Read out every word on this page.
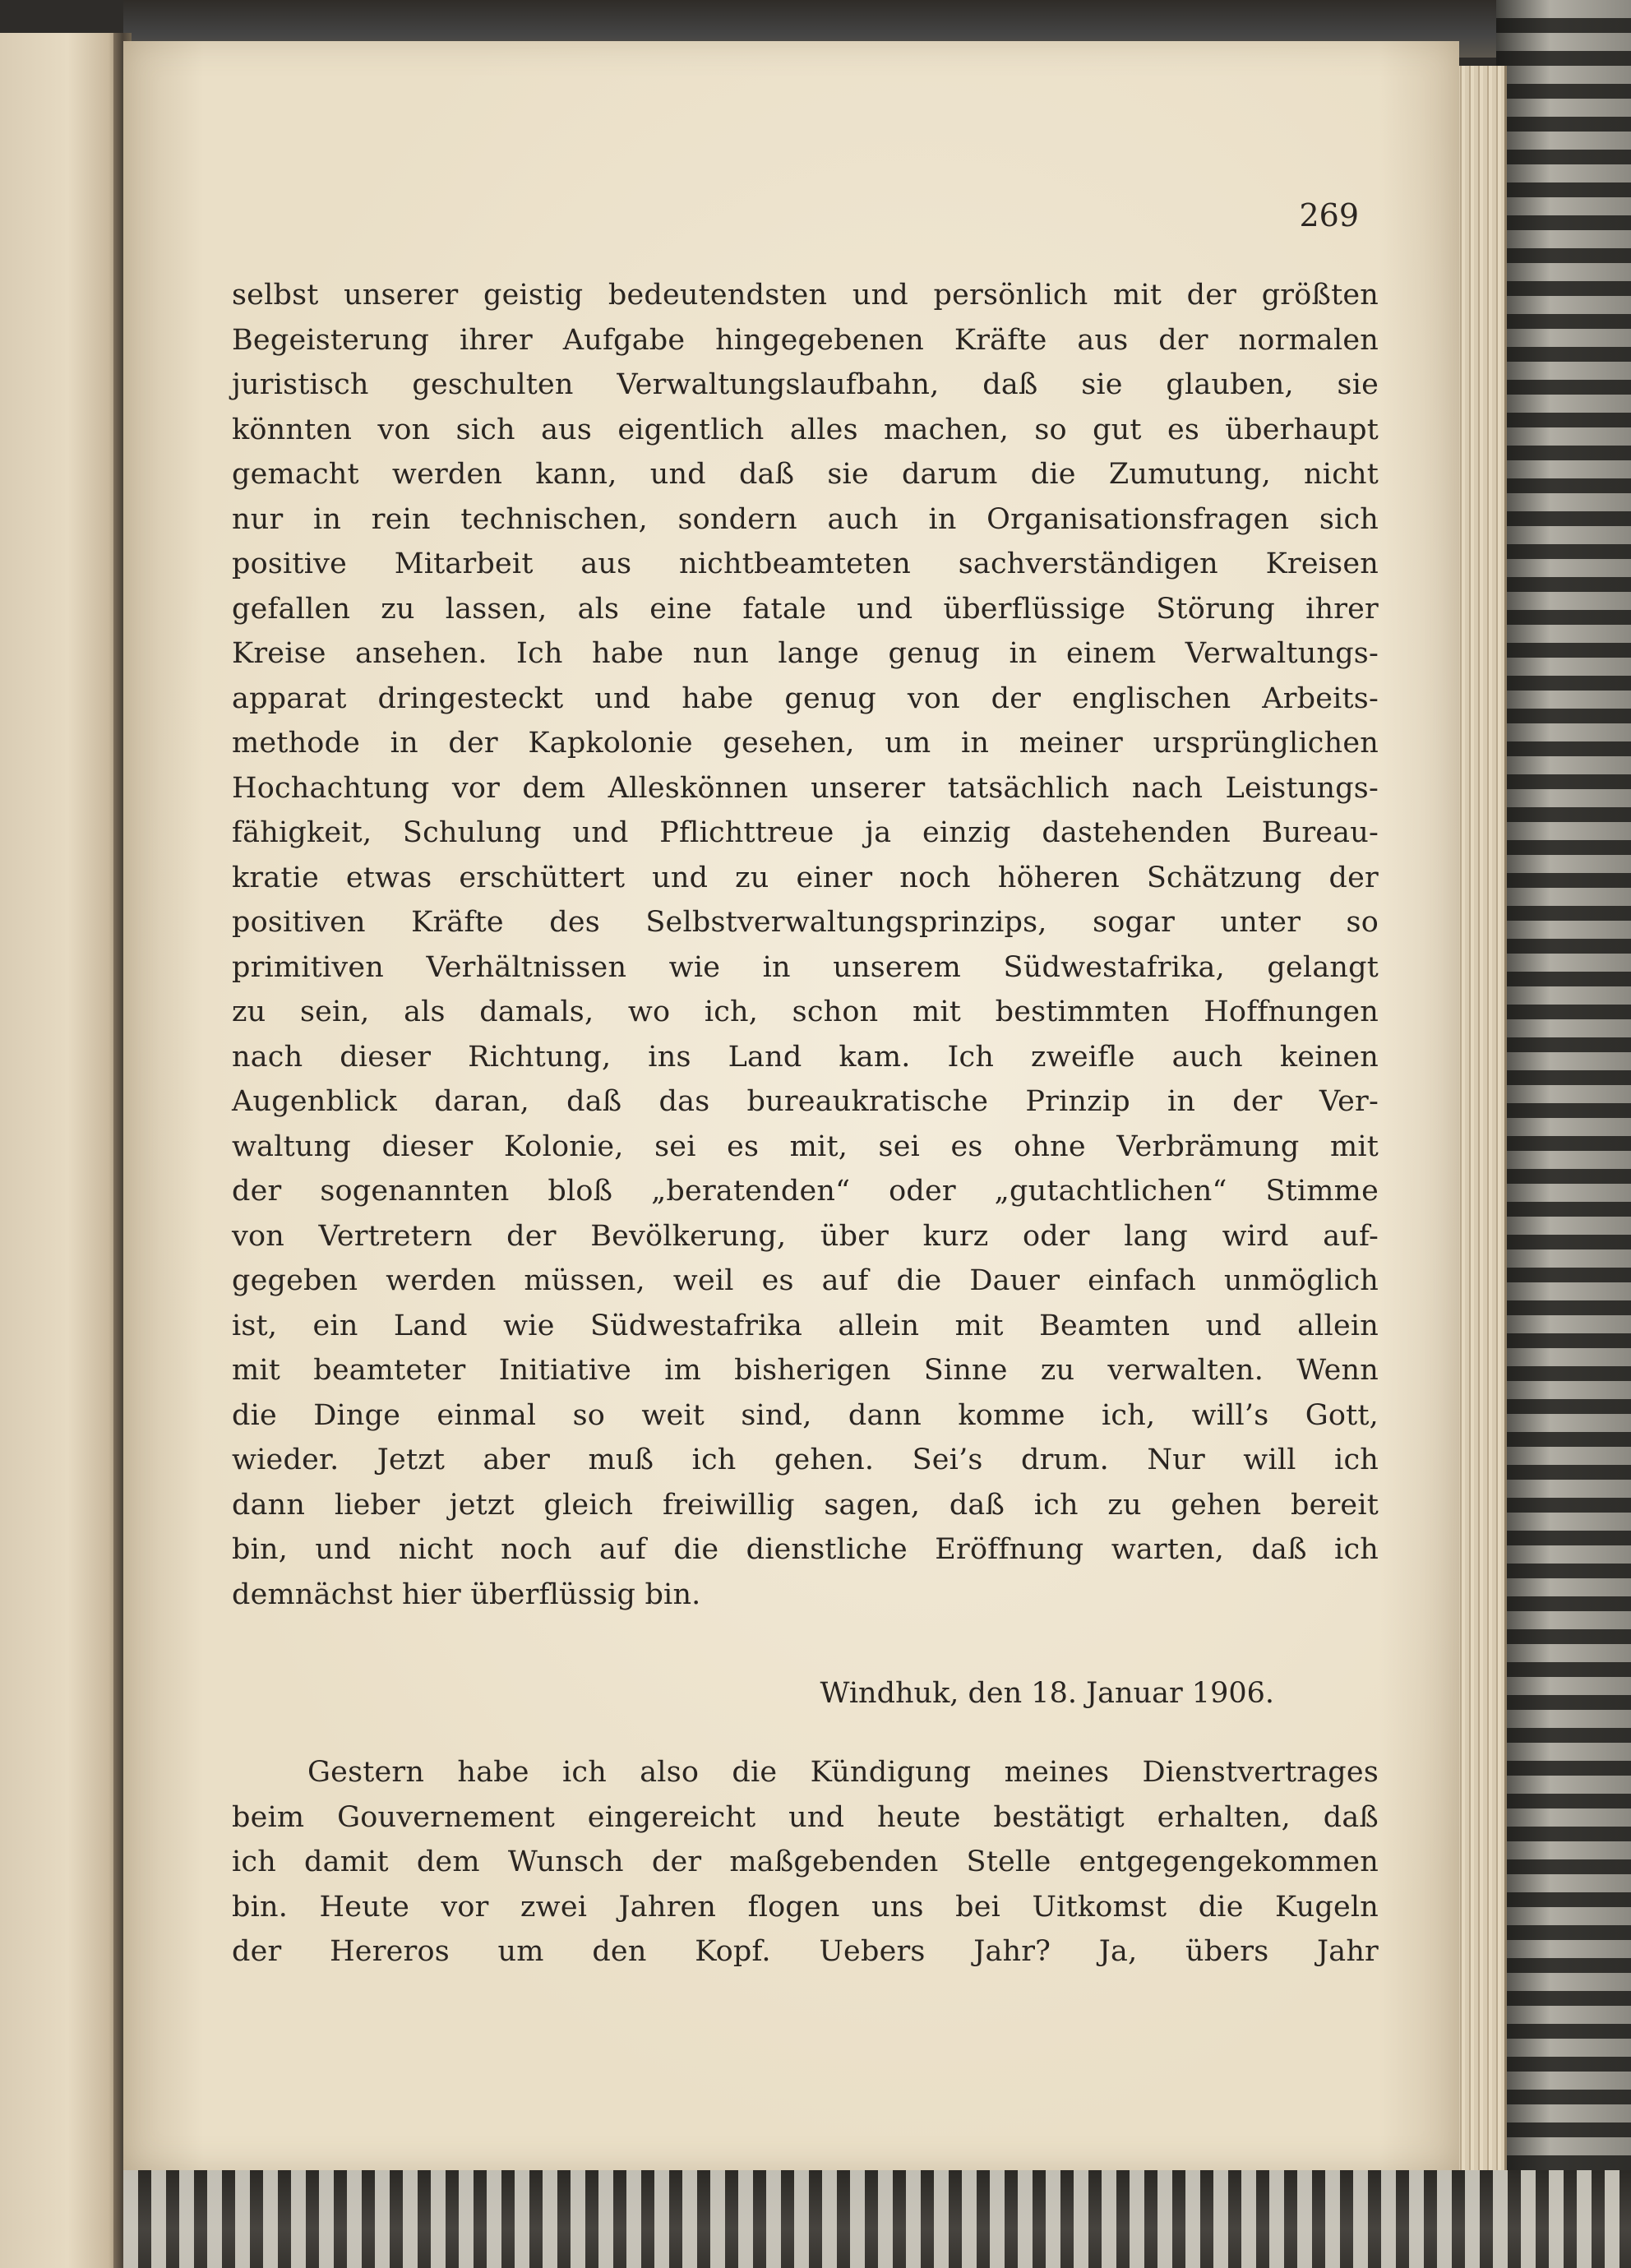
269

selbst unserer geistig bedeutendsten und persönlich mit der größten
Begeisterung ihrer Aufgabe hingegebenen Kräfte aus der normalen
juristisch geschulten Verwaltungslaufbahn, daß sie glauben, sie
könnten von sich aus eigentlich alles machen, so gut es überhaupt
gemacht werden kann, und daß sie darum die Zumutung, nicht
nur in rein technischen, sondern auch in Organisationsfragen sich
positive Mitarbeit aus nichtbeamteten sachverständigen Kreisen
gefallen zu lassen, als eine fatale und überflüssige Störung ihrer
Kreise ansehen. Ich habe nun lange genug in einem Verwaltungs-
apparat dringesteckt und habe genug von der englischen Arbeits-
methode in der Kapkolonie gesehen, um in meiner ursprünglichen
Hochachtung vor dem Alleskönnen unserer tatsächlich nach Leistungs-
fähigkeit, Schulung und Pflichttreue ja einzig dastehenden Bureau-
kratie etwas erschüttert und zu einer noch höheren Schätzung der
positiven Kräfte des Selbstverwaltungsprinzips, sogar unter so
primitiven Verhältnissen wie in unserem Südwestafrika, gelangt
zu sein, als damals, wo ich, schon mit bestimmten Hoffnungen
nach dieser Richtung, ins Land kam. Ich zweifle auch keinen
Augenblick daran, daß das bureaukratische Prinzip in der Ver-
waltung dieser Kolonie, sei es mit, sei es ohne Verbrämung mit
der sogenannten bloß „beratenden“ oder „gutachtlichen“ Stimme
von Vertretern der Bevölkerung, über kurz oder lang wird auf-
gegeben werden müssen, weil es auf die Dauer einfach unmöglich
ist, ein Land wie Südwestafrika allein mit Beamten und allein
mit beamteter Initiative im bisherigen Sinne zu verwalten. Wenn
die Dinge einmal so weit sind, dann komme ich, will’s Gott,
wieder. Jetzt aber muß ich gehen. Sei’s drum. Nur will ich
dann lieber jetzt gleich freiwillig sagen, daß ich zu gehen bereit
bin, und nicht noch auf die dienstliche Eröffnung warten, daß ich
demnächst hier überflüssig bin.

Windhuk, den 18. Januar 1906.

Gestern habe ich also die Kündigung meines Dienstvertrages
beim Gouvernement eingereicht und heute bestätigt erhalten, daß
ich damit dem Wunsch der maßgebenden Stelle entgegengekommen
bin. Heute vor zwei Jahren flogen uns bei Uitkomst die Kugeln
der Hereros um den Kopf. Uebers Jahr? Ja, übers Jahr
